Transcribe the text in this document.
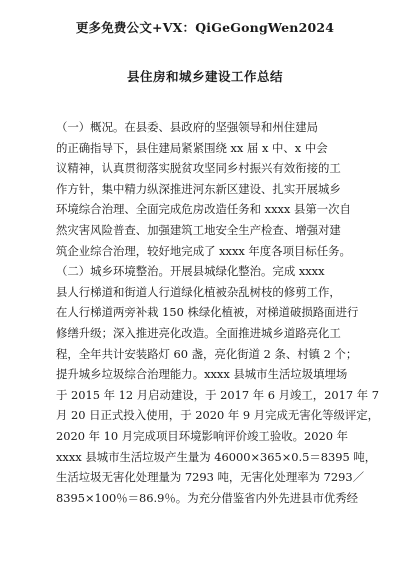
更多免费公文+VX：QiGeGongWen2024
县住房和城乡建设工作总结

（一）概况。在县委、县政府的坚强领导和州住建局
的正确指导下，县住建局紧紧围绕 xx 届 x 中、x 中会
议精神，认真贯彻落实脱贫攻坚同乡村振兴有效衔接的工
作方针，集中精力纵深推进河东新区建设、扎实开展城乡
环境综合治理、全面完成危房改造任务和 xxxx 县第一次自
然灾害风险普查、加强建筑工地安全生产检查、增强对建
筑企业综合治理，较好地完成了 xxxx 年度各项目标任务。

（二）城乡环境整治。开展县城绿化整治。完成 xxxx
县人行梯道和街道人行道绿化植被杂乱树枝的修剪工作，
在人行梯道两旁补栽 150 株绿化植被，对梯道破损路面进行
修缮升级；深入推进亮化改造。全面推进城乡道路亮化工
程，全年共计安装路灯 60 盏，亮化街道 2 条、村镇 2 个；
提升城乡垃圾综合治理能力。xxxx 县城市生活垃圾填埋场
于 2015 年 12 月启动建设，于 2017 年 6 月竣工，2017 年 7
月 20 日正式投入使用，于 2020 年 9 月完成无害化等级评定，
2020 年 10 月完成项目环境影响评价竣工验收。2020 年
xxxx 县城市生活垃圾产生量为 46000×365×0.5＝8395 吨，
生活垃圾无害化处理量为 7293 吨，无害化处理率为 7293／
8395×100％＝86.9％。为充分借鉴省内外先进县市优秀经
